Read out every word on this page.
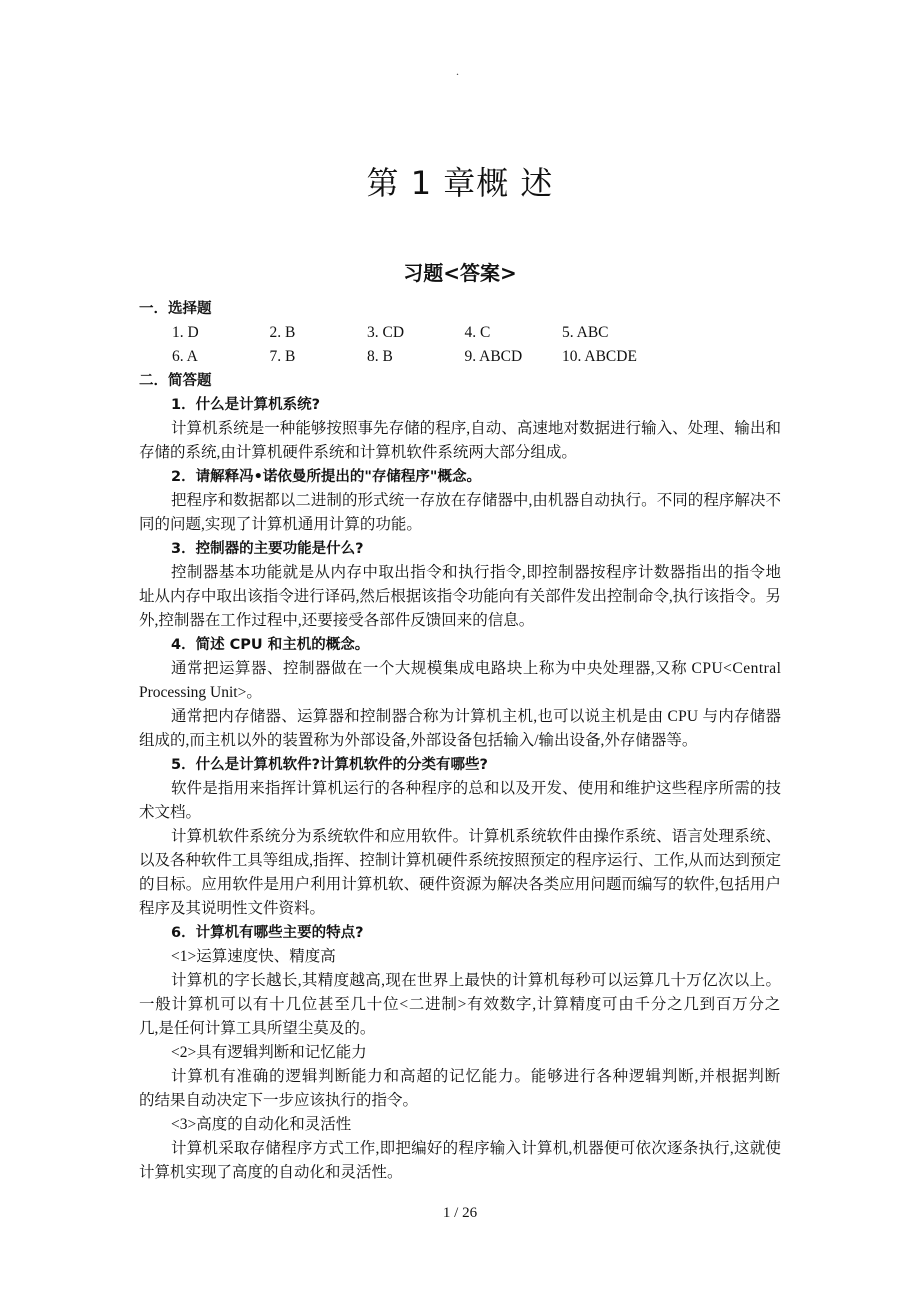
.
第 1 章概 述
习题<答案>
一．选择题
1. D	2. B	3. CD	4. C	5. ABC
6. A	7. B	8. B	9. ABCD	10. ABCDE
二．简答题
1．什么是计算机系统?
计算机系统是一种能够按照事先存储的程序,自动、高速地对数据进行输入、处理、输出和
存储的系统,由计算机硬件系统和计算机软件系统两大部分组成。
2．请解释冯•诺依曼所提出的"存储程序"概念。
把程序和数据都以二进制的形式统一存放在存储器中,由机器自动执行。不同的程序解决不
同的问题,实现了计算机通用计算的功能。
3．控制器的主要功能是什么?
控制器基本功能就是从内存中取出指令和执行指令,即控制器按程序计数器指出的指令地
址从内存中取出该指令进行译码,然后根据该指令功能向有关部件发出控制命令,执行该指令。另
外,控制器在工作过程中,还要接受各部件反馈回来的信息。
4．简述 CPU 和主机的概念。
通常把运算器、控制器做在一个大规模集成电路块上称为中央处理器,又称 CPU<Central
Processing Unit>。
通常把内存储器、运算器和控制器合称为计算机主机,也可以说主机是由 CPU 与内存储器
组成的,而主机以外的装置称为外部设备,外部设备包括输入/输出设备,外存储器等。
5．什么是计算机软件?计算机软件的分类有哪些?
软件是指用来指挥计算机运行的各种程序的总和以及开发、使用和维护这些程序所需的技
术文档。
计算机软件系统分为系统软件和应用软件。计算机系统软件由操作系统、语言处理系统、
以及各种软件工具等组成,指挥、控制计算机硬件系统按照预定的程序运行、工作,从而达到预定
的目标。应用软件是用户利用计算机软、硬件资源为解决各类应用问题而编写的软件,包括用户
程序及其说明性文件资料。
6．计算机有哪些主要的特点?
<1>运算速度快、精度高
计算机的字长越长,其精度越高,现在世界上最快的计算机每秒可以运算几十万亿次以上。
一般计算机可以有十几位甚至几十位<二进制>有效数字,计算精度可由千分之几到百万分之
几,是任何计算工具所望尘莫及的。
<2>具有逻辑判断和记忆能力
计算机有准确的逻辑判断能力和高超的记忆能力。能够进行各种逻辑判断,并根据判断
的结果自动决定下一步应该执行的指令。
<3>高度的自动化和灵活性
计算机采取存储程序方式工作,即把编好的程序输入计算机,机器便可依次逐条执行,这就使
计算机实现了高度的自动化和灵活性。
1 / 26
